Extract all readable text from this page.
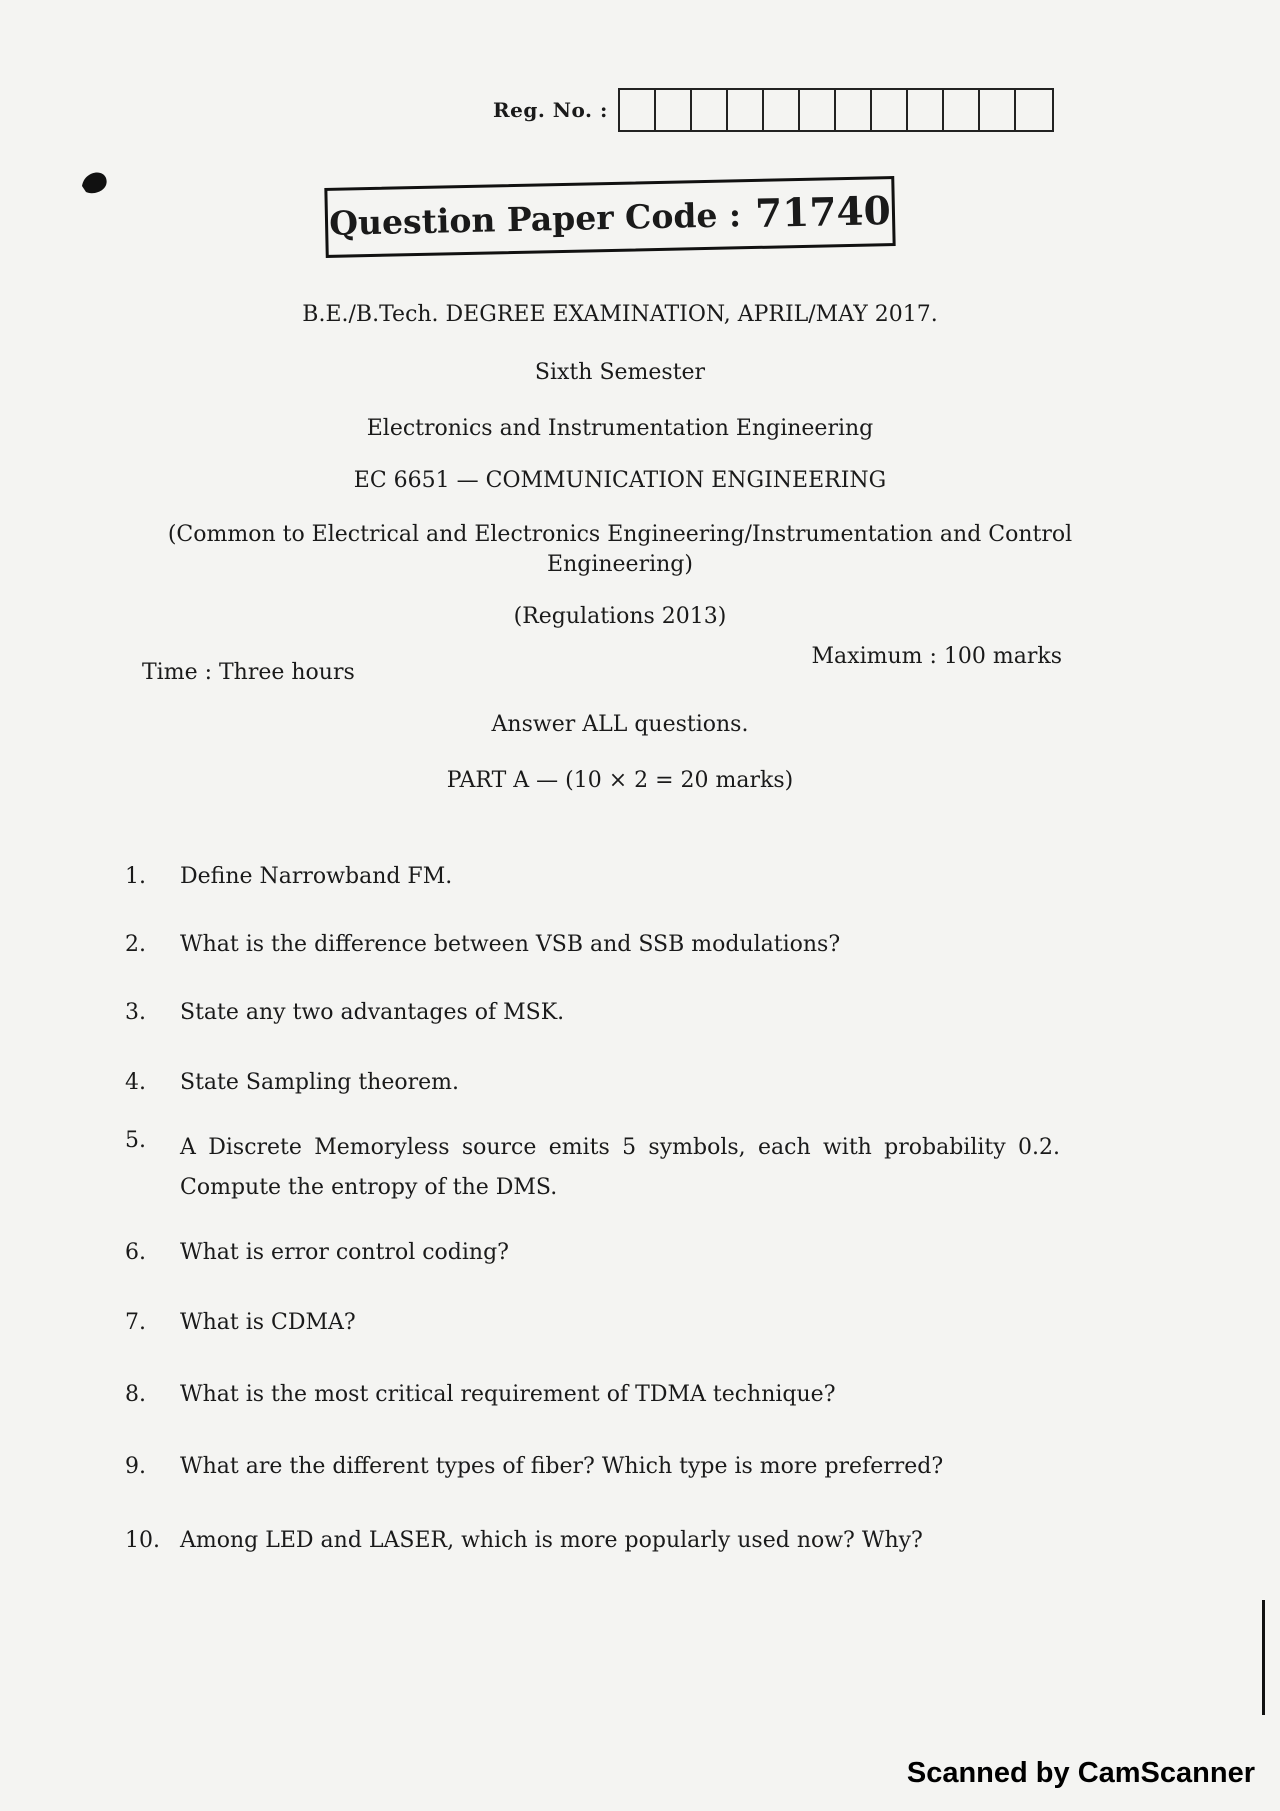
Reg. No. :
Question Paper Code : 71740
B.E./B.Tech. DEGREE EXAMINATION, APRIL/MAY 2017.
Sixth Semester
Electronics and Instrumentation Engineering
EC 6651 — COMMUNICATION ENGINEERING
(Common to Electrical and Electronics Engineering/Instrumentation and Control
Engineering)
(Regulations 2013)
Time : Three hours
Maximum : 100 marks
Answer ALL questions.
PART A — (10 × 2 = 20 marks)
1.	Define Narrowband FM.
2.	What is the difference between VSB and SSB modulations?
3.	State any two advantages of MSK.
4.	State Sampling theorem.
5.	A Discrete Memoryless source emits 5 symbols, each with probability 0.2. Compute the entropy of the DMS.
6.	What is error control coding?
7.	What is CDMA?
8.	What is the most critical requirement of TDMA technique?
9.	What are the different types of fiber? Which type is more preferred?
10. Among LED and LASER, which is more popularly used now? Why?
Scanned by CamScanner
